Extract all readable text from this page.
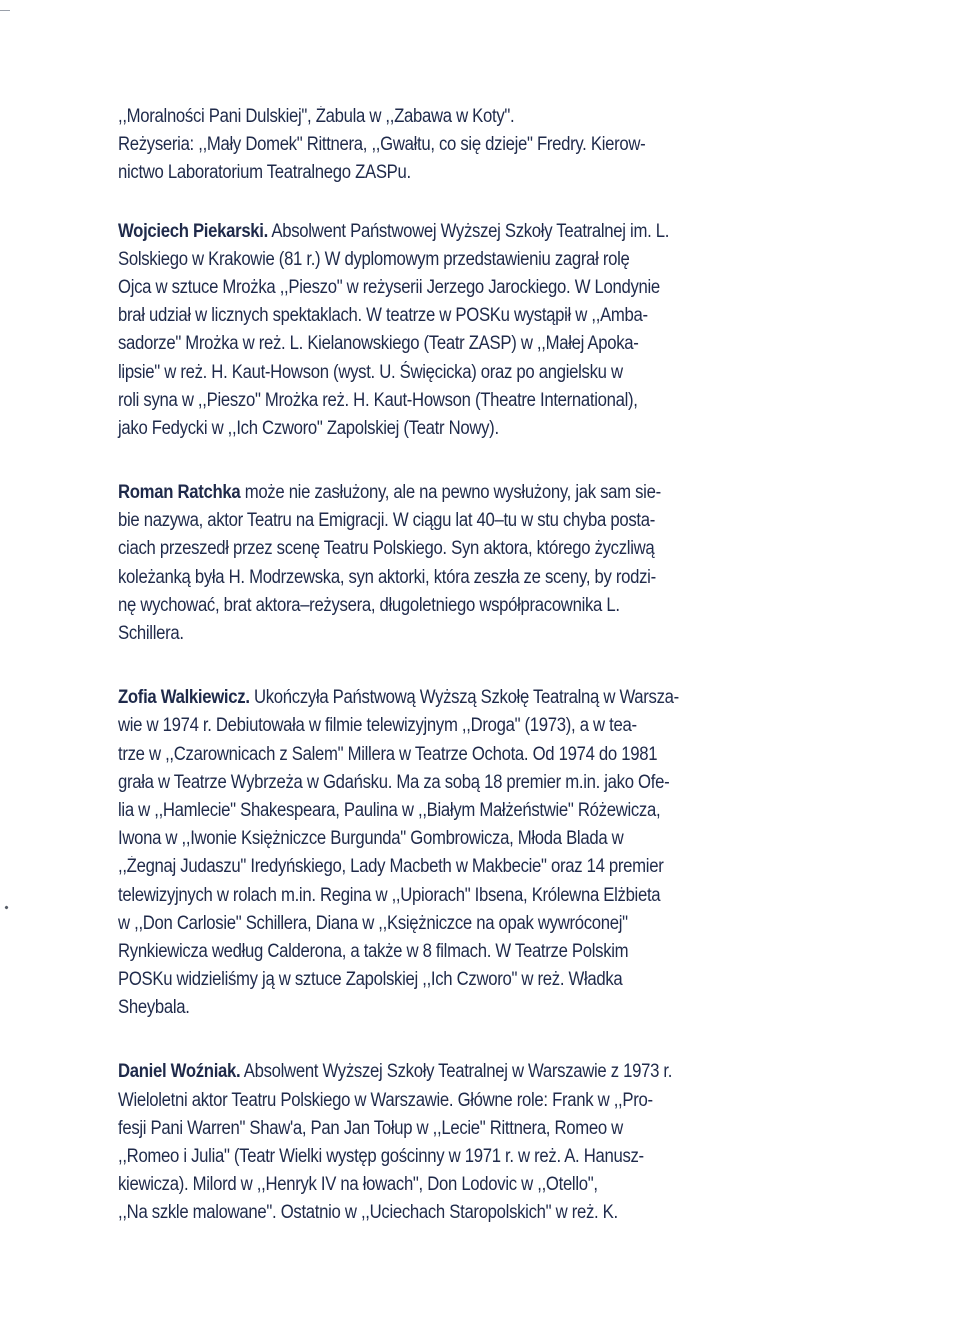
,,Moralności Pani Dulskiej", Żabula w ,,Zabawa w Koty".
Reżyseria: ,,Mały Domek" Rittnera, ,,Gwałtu, co się dzieje" Fredry. Kierow-
nictwo Laboratorium Teatralnego ZASPu.
Wojciech Piekarski. Absolwent Państwowej Wyższej Szkoły Teatralnej im. L.
Solskiego w Krakowie (81 r.) W dyplomowym przedstawieniu zagrał rolę
Ojca w sztuce Mrożka ,,Pieszo" w reżyserii Jerzego Jarockiego. W Londynie
brał udział w licznych spektaklach. W teatrze w POSKu wystąpił w ,,Amba-
sadorze" Mrożka w reż. L. Kielanowskiego (Teatr ZASP) w ,,Małej Apoka-
lipsie" w reż. H. Kaut-Howson (wyst. U. Święcicka) oraz po angielsku w
roli syna w ,,Pieszo" Mrożka reż. H. Kaut-Howson (Theatre International),
jako Fedycki w ,,Ich Czworo" Zapolskiej (Teatr Nowy).
Roman Ratchka może nie zasłużony, ale na pewno wysłużony, jak sam sie-
bie nazywa, aktor Teatru na Emigracji. W ciągu lat 40–tu w stu chyba posta-
ciach przeszedł przez scenę Teatru Polskiego. Syn aktora, którego życzliwą
koleżanką była H. Modrzewska, syn aktorki, która zeszła ze sceny, by rodzi-
nę wychować, brat aktora–reżysera, długoletniego współpracownika L.
Schillera.
Zofia Walkiewicz. Ukończyła Państwową Wyższą Szkołę Teatralną w Warsza-
wie w 1974 r. Debiutowała w filmie telewizyjnym ,,Droga" (1973), a w tea-
trze w ,,Czarownicach z Salem" Millera w Teatrze Ochota. Od 1974 do 1981
grała w Teatrze Wybrzeża w Gdańsku. Ma za sobą 18 premier m.in. jako Ofe-
lia w ,,Hamlecie" Shakespeara, Paulina w ,,Białym Małżeństwie" Różewicza,
Iwona w ,,Iwonie Księżniczce Burgunda" Gombrowicza, Młoda Blada w
,,Żegnaj Judaszu" Iredyńskiego, Lady Macbeth w Makbecie" oraz 14 premier
telewizyjnych w rolach m.in. Regina w ,,Upiorach" Ibsena, Królewna Elżbieta
w ,,Don Carlosie" Schillera, Diana w ,,Księżniczce na opak wywróconej"
Rynkiewicza według Calderona, a także w 8 filmach. W Teatrze Polskim
POSKu widzieliśmy ją w sztuce Zapolskiej ,,Ich Czworo" w reż. Władka
Sheybala.
Daniel Woźniak. Absolwent Wyższej Szkoły Teatralnej w Warszawie z 1973 r.
Wieloletni aktor Teatru Polskiego w Warszawie. Główne role: Frank w ,,Pro-
fesji Pani Warren" Shaw'a, Pan Jan Tołup w ,,Lecie" Rittnera, Romeo w
,,Romeo i Julia" (Teatr Wielki występ gościnny w 1971 r. w reż. A. Hanusz-
kiewicza). Milord w ,,Henryk IV na łowach", Don Lodovic w ,,Otello",
,,Na szkle malowane". Ostatnio w ,,Uciechach Staropolskich" w reż. K.
